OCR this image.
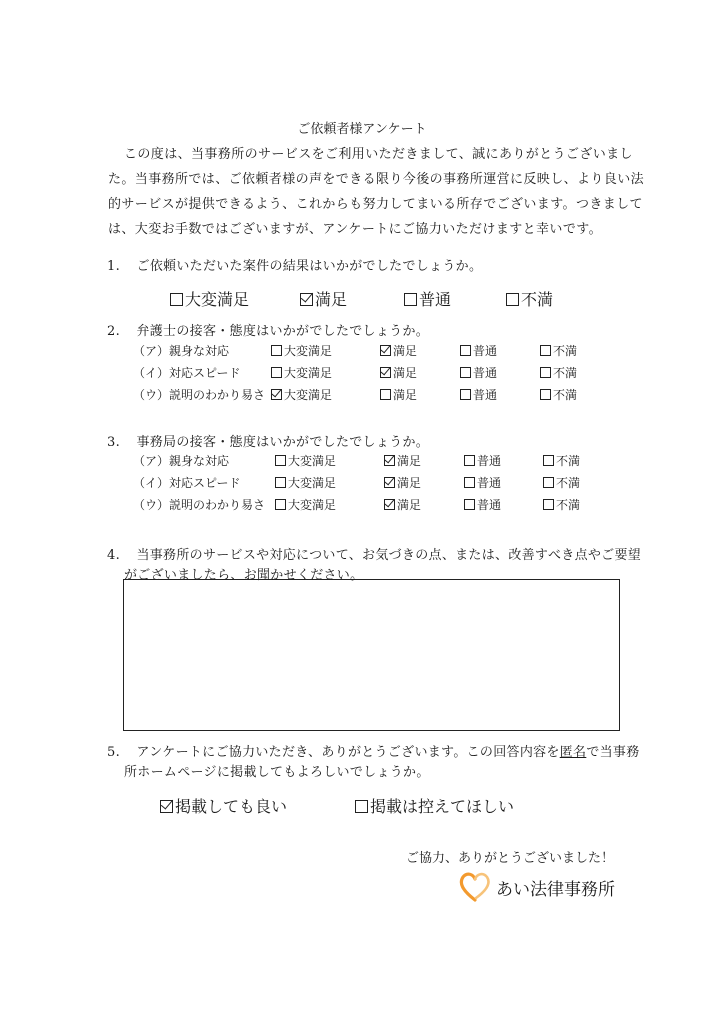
ご依頼者様アンケート
この度は、当事務所のサービスをご利用いただきまして、誠にありがとうございまし
た。当事務所では、ご依頼者様の声をできる限り今後の事務所運営に反映し、より良い法
的サービスが提供できるよう、これからも努力してまいる所存でございます。つきまして
は、大変お手数ではございますが、アンケートにご協力いただけますと幸いです。
1. ご依頼いただいた案件の結果はいかがでしたでしょうか。
大変満足	満足	普通	不満
2. 弁護士の接客・態度はいかがでしたでしょうか。
（ア）親身な対応	大変満足	満足	普通	不満
（イ）対応スピード	大変満足	満足	普通	不満
（ウ）説明のわかり易さ	大変満足	満足	普通	不満
3. 事務局の接客・態度はいかがでしたでしょうか。
（ア）親身な対応	大変満足	満足	普通	不満
（イ）対応スピード	大変満足	満足	普通	不満
（ウ）説明のわかり易さ	大変満足	満足	普通	不満
4. 当事務所のサービスや対応について、お気づきの点、または、改善すべき点やご要望
がございましたら、お聞かせください。
5. アンケートにご協力いただき、ありがとうございます。この回答内容を匿名で当事務
所ホームページに掲載してもよろしいでしょうか。
掲載しても良い	掲載は控えてほしい
ご協力、ありがとうございました！
あい法律事務所
